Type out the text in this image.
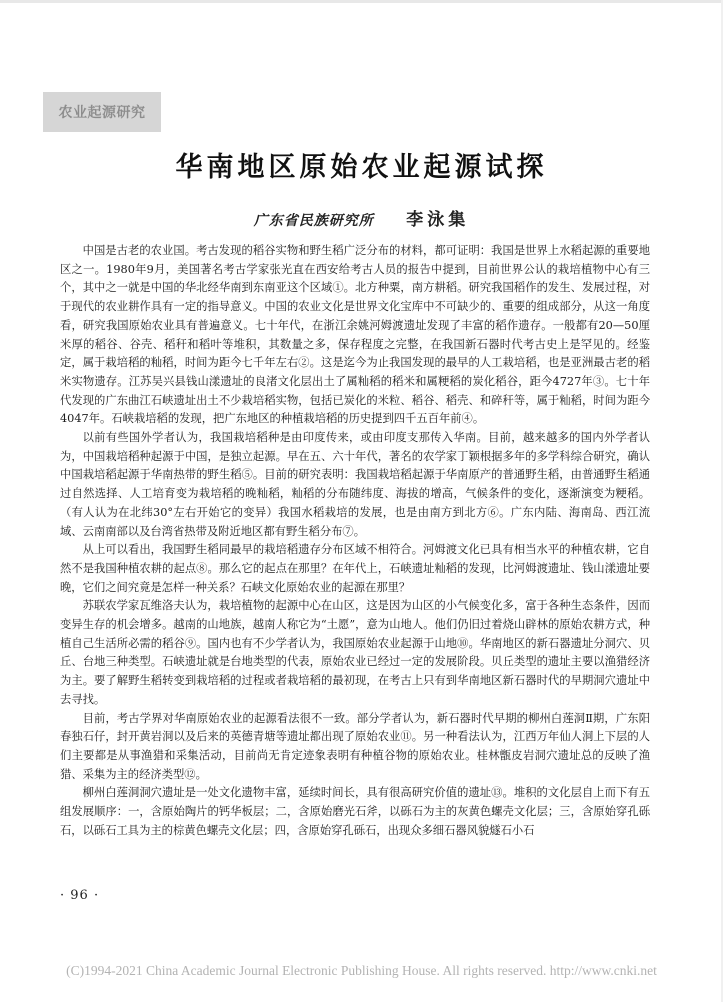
农业起源研究
华南地区原始农业起源试探
广东省民族研究所 李泳集

中国是古老的农业国。考古发现的稻谷实物和野生稻广泛分布的材料，都可证明：我国是世界上水稻起源的重要地区之一。1980年9月，美国著名考古学家张光直在西安给考古人员的报告中提到，目前世界公认的栽培植物中心有三个，其中之一就是中国的华北经华南到东南亚这个区域①。北方种粟，南方耕稻。研究我国稻作的发生、发展过程，对于现代的农业耕作具有一定的指导意义。中国的农业文化是世界文化宝库中不可缺少的、重要的组成部分，从这一角度看，研究我国原始农业具有普遍意义。七十年代，在浙江余姚河姆渡遗址发现了丰富的稻作遗存。一般都有20—50厘米厚的稻谷、谷壳、稻秆和稻叶等堆积，其数量之多，保存程度之完整，在我国新石器时代考古史上是罕见的。经鉴定，属于栽培稻的籼稻，时间为距今七千年左右②。这是迄今为止我国发现的最早的人工栽培稻，也是亚洲最古老的稻米实物遗存。江苏吴兴县钱山漾遗址的良渚文化层出土了属籼稻的稻米和属粳稻的炭化稻谷，距今4727年③。七十年代发现的广东曲江石峡遗址出土不少栽培稻实物，包括已炭化的米粒、稻谷、稻壳、和碎秆等，属于籼稻，时间为距今4047年。石峡栽培稻的发现，把广东地区的种植栽培稻的历史提到四千五百年前④。

以前有些国外学者认为，我国栽培稻种是由印度传来，或由印度支那传入华南。目前，越来越多的国内外学者认为，中国栽培稻种起源于中国，是独立起源。早在五、六十年代，著名的农学家丁颖根据多年的多学科综合研究，确认中国栽培稻起源于华南热带的野生稻⑤。目前的研究表明：我国栽培稻起源于华南原产的普通野生稻，由普通野生稻通过自然选择、人工培育变为栽培稻的晚籼稻，籼稻的分布随纬度、海拔的增高，气候条件的变化，逐渐演变为粳稻。（有人认为在北纬30°左右开始它的变异）我国水稻栽培的发展，也是由南方到北方⑥。广东内陆、海南岛、西江流域、云南南部以及台湾省热带及附近地区都有野生稻分布⑦。

从上可以看出，我国野生稻同最早的栽培稻遗存分布区域不相符合。河姆渡文化已具有相当水平的种植农耕，它自然不是我国种植农耕的起点⑧。那么它的起点在那里？在年代上，石峡遗址籼稻的发现，比河姆渡遗址、钱山漾遗址要晚，它们之间究竟是怎样一种关系？石峡文化原始农业的起源在那里？

苏联农学家瓦维洛夫认为，栽培植物的起源中心在山区，这是因为山区的小气候变化多，富于各种生态条件，因而变异生存的机会增多。越南的山地族，越南人称它为“土愿”，意为山地人。他们仍旧过着烧山辟林的原始农耕方式，种植自己生活所必需的稻谷⑨。国内也有不少学者认为，我国原始农业起源于山地⑩。华南地区的新石器遗址分洞穴、贝丘、台地三种类型。石峡遗址就是台地类型的代表，原始农业已经过一定的发展阶段。贝丘类型的遗址主要以渔猎经济为主。要了解野生稻转变到栽培稻的过程或者栽培稻的最初现，在考古上只有到华南地区新石器时代的早期洞穴遗址中去寻找。

目前，考古学界对华南原始农业的起源看法很不一致。部分学者认为，新石器时代早期的柳州白莲洞Ⅱ期，广东阳春独石仔，封开黄岩洞以及后来的英德青塘等遗址都出现了原始农业⑪。另一种看法认为，江西万年仙人洞上下层的人们主要都是从事渔猎和采集活动，目前尚无肯定迹象表明有种植谷物的原始农业。桂林甑皮岩洞穴遗址总的反映了渔猎、采集为主的经济类型⑫。

柳州白莲洞洞穴遗址是一处文化遗物丰富，延续时间长，具有很高研究价值的遗址⑬。堆积的文化层自上而下有五组发展顺序：一，含原始陶片的钙华板层；二，含原始磨光石斧，以砾石为主的灰黄色螺壳文化层；三，含原始穿孔砾石，以砾石工具为主的棕黄色螺壳文化层；四，含原始穿孔砾石，出现众多细石器风貌燧石小石

· 96 ·
(C)1994-2021 China Academic Journal Electronic Publishing House. All rights reserved. http://www.cnki.net
